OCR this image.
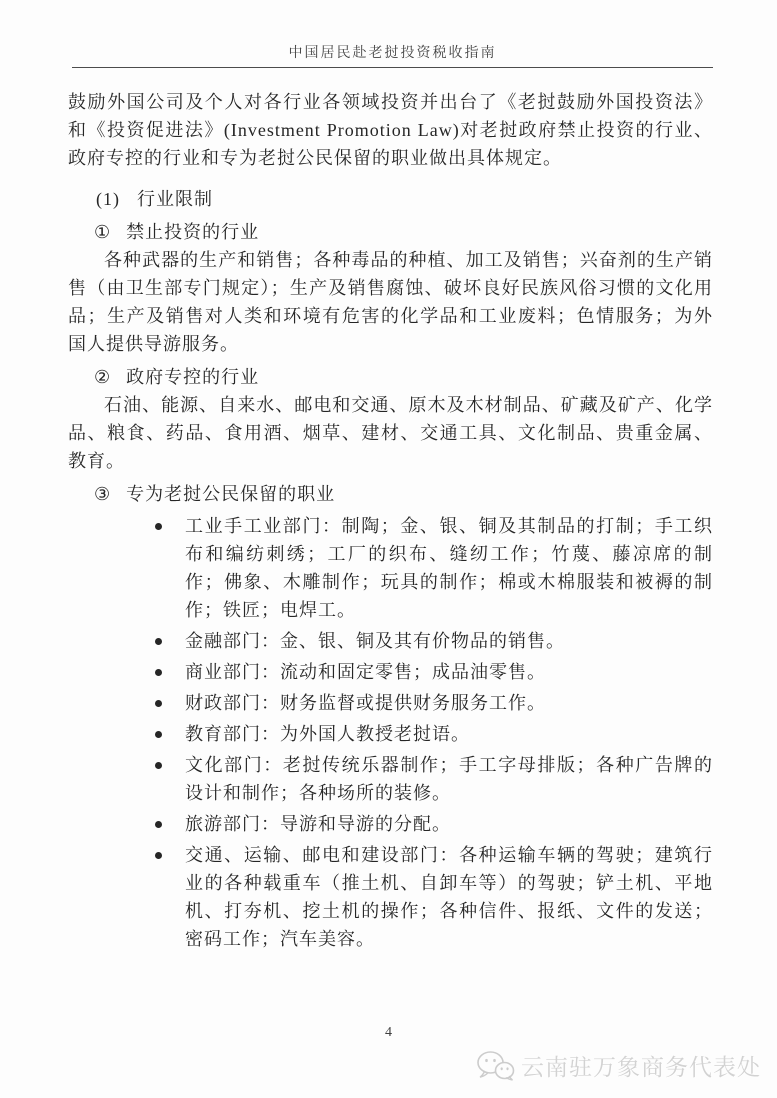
中国居民赴老挝投资税收指南

鼓励外国公司及个人对各行业各领域投资并出台了《老挝鼓励外国投资法》和《投资促进法》(Investment Promotion Law)对老挝政府禁止投资的行业、政府专控的行业和专为老挝公民保留的职业做出具体规定。

(1) 行业限制

① 禁止投资的行业

各种武器的生产和销售；各种毒品的种植、加工及销售；兴奋剂的生产销售（由卫生部专门规定）；生产及销售腐蚀、破坏良好民族风俗习惯的文化用品；生产及销售对人类和环境有危害的化学品和工业废料；色情服务；为外国人提供导游服务。

② 政府专控的行业

石油、能源、自来水、邮电和交通、原木及木材制品、矿藏及矿产、化学品、粮食、药品、食用酒、烟草、建材、交通工具、文化制品、贵重金属、教育。

③ 专为老挝公民保留的职业

工业手工业部门：制陶；金、银、铜及其制品的打制；手工织布和编纺刺绣；工厂的织布、缝纫工作；竹蔑、藤凉席的制作；佛象、木雕制作；玩具的制作；棉或木棉服装和被褥的制作；铁匠；电焊工。
金融部门：金、银、铜及其有价物品的销售。
商业部门：流动和固定零售；成品油零售。
财政部门：财务监督或提供财务服务工作。
教育部门：为外国人教授老挝语。
文化部门：老挝传统乐器制作；手工字母排版；各种广告牌的设计和制作；各种场所的装修。
旅游部门：导游和导游的分配。
交通、运输、邮电和建设部门：各种运输车辆的驾驶；建筑行业的各种载重车（推土机、自卸车等）的驾驶；铲土机、平地机、打夯机、挖土机的操作；各种信件、报纸、文件的发送；密码工作；汽车美容。
4
云南驻万象商务代表处
